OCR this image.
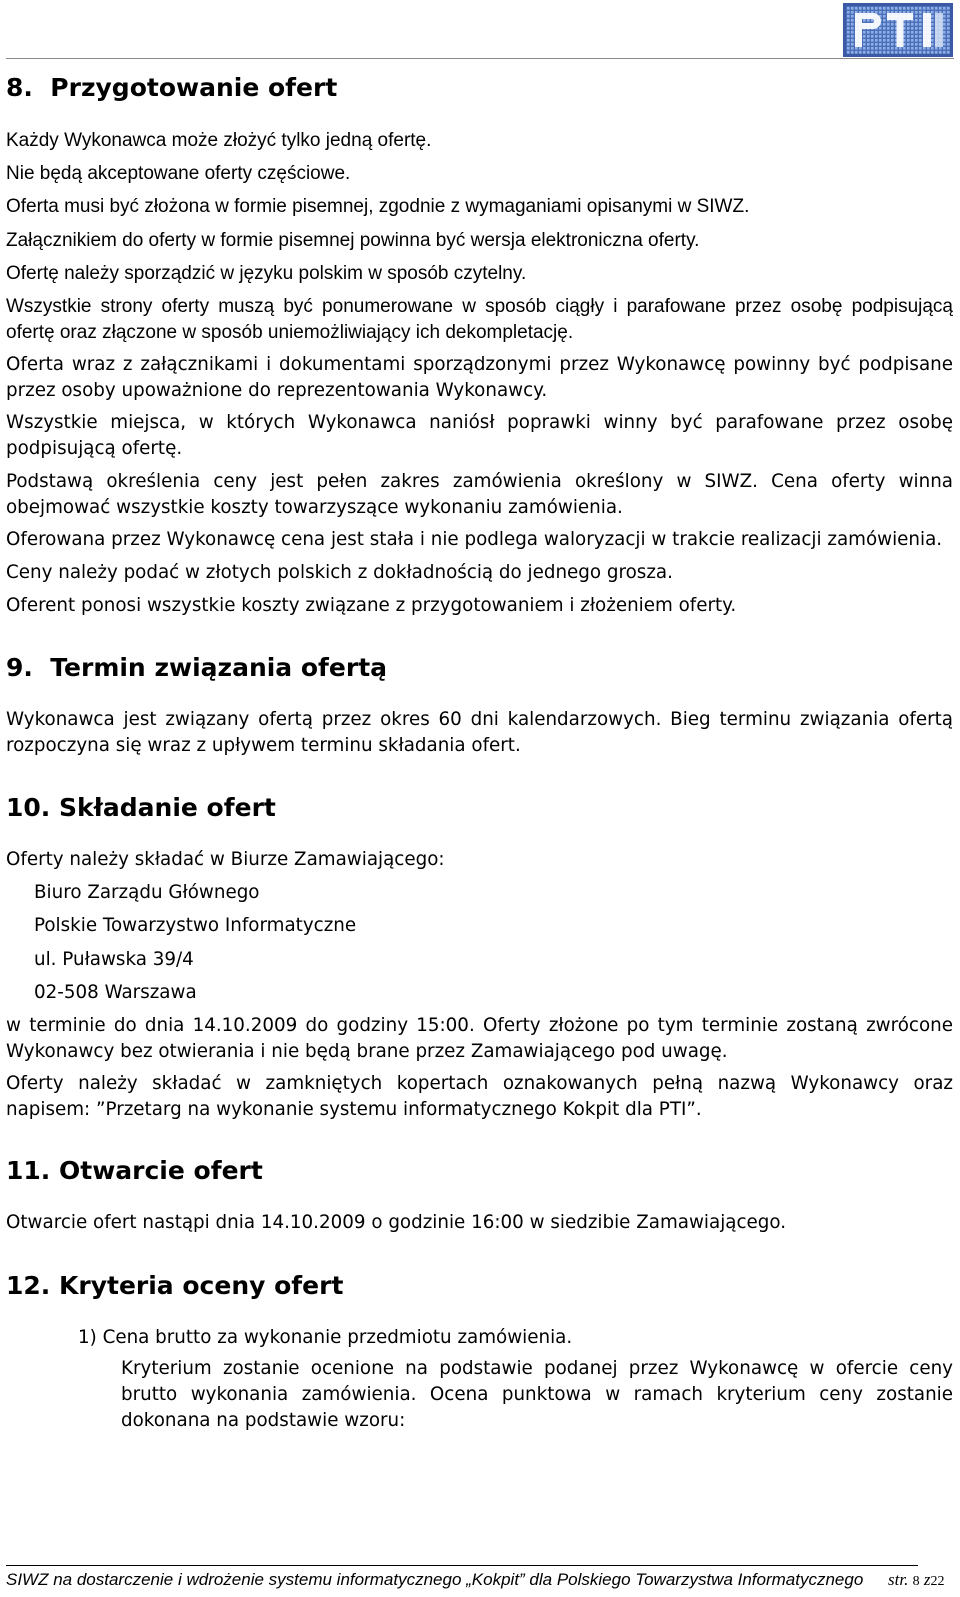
8.  Przygotowanie ofert

Każdy Wykonawca może złożyć tylko jedną ofertę.

Nie będą akceptowane oferty częściowe.

Oferta musi być złożona w formie pisemnej, zgodnie z wymaganiami opisanymi w SIWZ.

Załącznikiem do oferty w formie pisemnej powinna być wersja elektroniczna oferty.

Ofertę należy sporządzić w języku polskim w sposób czytelny.

Wszystkie strony oferty muszą być ponumerowane w sposób ciągły i parafowane przez osobę podpisującą ofertę oraz złączone w sposób uniemożliwiający ich dekompletację.

Oferta wraz z załącznikami i dokumentami sporządzonymi przez Wykonawcę powinny być podpisane przez osoby upoważnione do reprezentowania Wykonawcy.

Wszystkie miejsca, w których Wykonawca naniósł poprawki winny być parafowane przez osobę podpisującą ofertę.

Podstawą określenia ceny jest pełen zakres zamówienia określony w SIWZ. Cena oferty winna obejmować wszystkie koszty towarzyszące wykonaniu zamówienia.

Oferowana przez Wykonawcę cena jest stała i nie podlega waloryzacji w trakcie realizacji zamówienia.

Ceny należy podać w złotych polskich z dokładnością do jednego grosza.

Oferent ponosi wszystkie koszty związane z przygotowaniem i złożeniem oferty.

9.  Termin związania ofertą

Wykonawca jest związany ofertą przez okres 60 dni kalendarzowych. Bieg terminu związania ofertą rozpoczyna się wraz z upływem terminu składania ofert.

10. Składanie ofert

Oferty należy składać w Biurze Zamawiającego:

Biuro Zarządu Głównego

Polskie Towarzystwo Informatyczne

ul. Puławska 39/4

02-508 Warszawa

w terminie do dnia 14.10.2009 do godziny 15:00. Oferty złożone po tym terminie zostaną zwrócone Wykonawcy bez otwierania i nie będą brane przez Zamawiającego pod uwagę.

Oferty należy składać w zamkniętych kopertach oznakowanych pełną nazwą Wykonawcy oraz napisem: ”Przetarg na wykonanie systemu informatycznego Kokpit dla PTI”.

11. Otwarcie ofert

Otwarcie ofert nastąpi dnia 14.10.2009 o godzinie 16:00 w siedzibie Zamawiającego.

12. Kryteria oceny ofert

1) Cena brutto za wykonanie przedmiotu zamówienia.

Kryterium zostanie ocenione na podstawie podanej przez Wykonawcę w ofercie ceny brutto wykonania zamówienia. Ocena punktowa w ramach kryterium ceny zostanie dokonana na podstawie wzoru:

SIWZ na dostarczenie i wdrożenie systemu informatycznego „Kokpit” dla Polskiego Towarzystwa Informatycznego str. 8 z22
